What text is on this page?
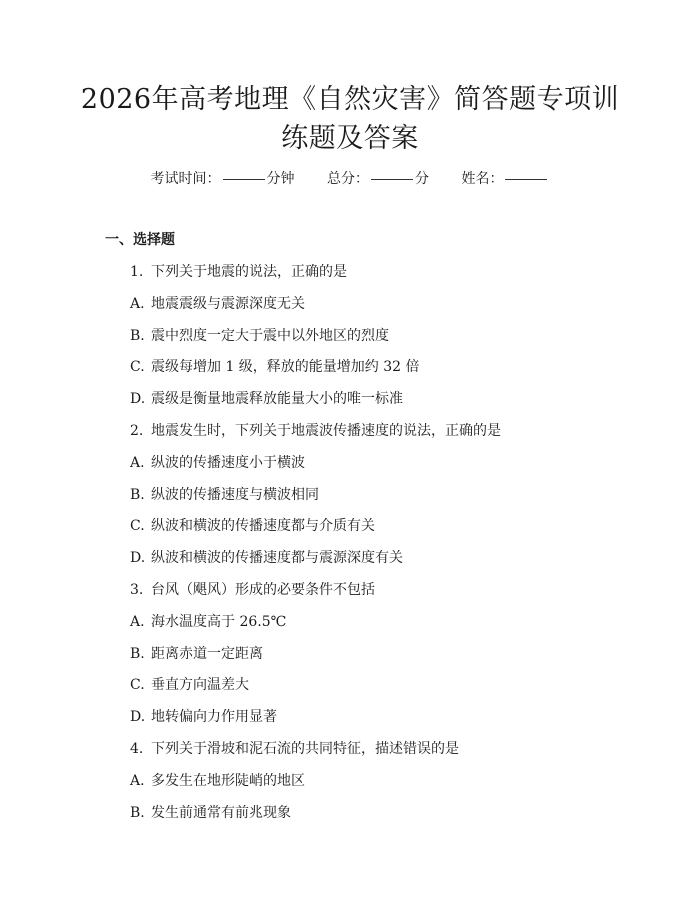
2026年高考地理《自然灾害》简答题专项训
练题及答案
考试时间：	分钟 总分：	分 姓名：
一、选择题
1. 下列关于地震的说法，正确的是
A. 地震震级与震源深度无关
B. 震中烈度一定大于震中以外地区的烈度
C. 震级每增加 1 级，释放的能量增加约 32 倍
D. 震级是衡量地震释放能量大小的唯一标准
2. 地震发生时，下列关于地震波传播速度的说法，正确的是
A. 纵波的传播速度小于横波
B. 纵波的传播速度与横波相同
C. 纵波和横波的传播速度都与介质有关
D. 纵波和横波的传播速度都与震源深度有关
3. 台风（飓风）形成的必要条件不包括
A. 海水温度高于 26.5℃
B. 距离赤道一定距离
C. 垂直方向温差大
D. 地转偏向力作用显著
4. 下列关于滑坡和泥石流的共同特征，描述错误的是
A. 多发生在地形陡峭的地区
B. 发生前通常有前兆现象
